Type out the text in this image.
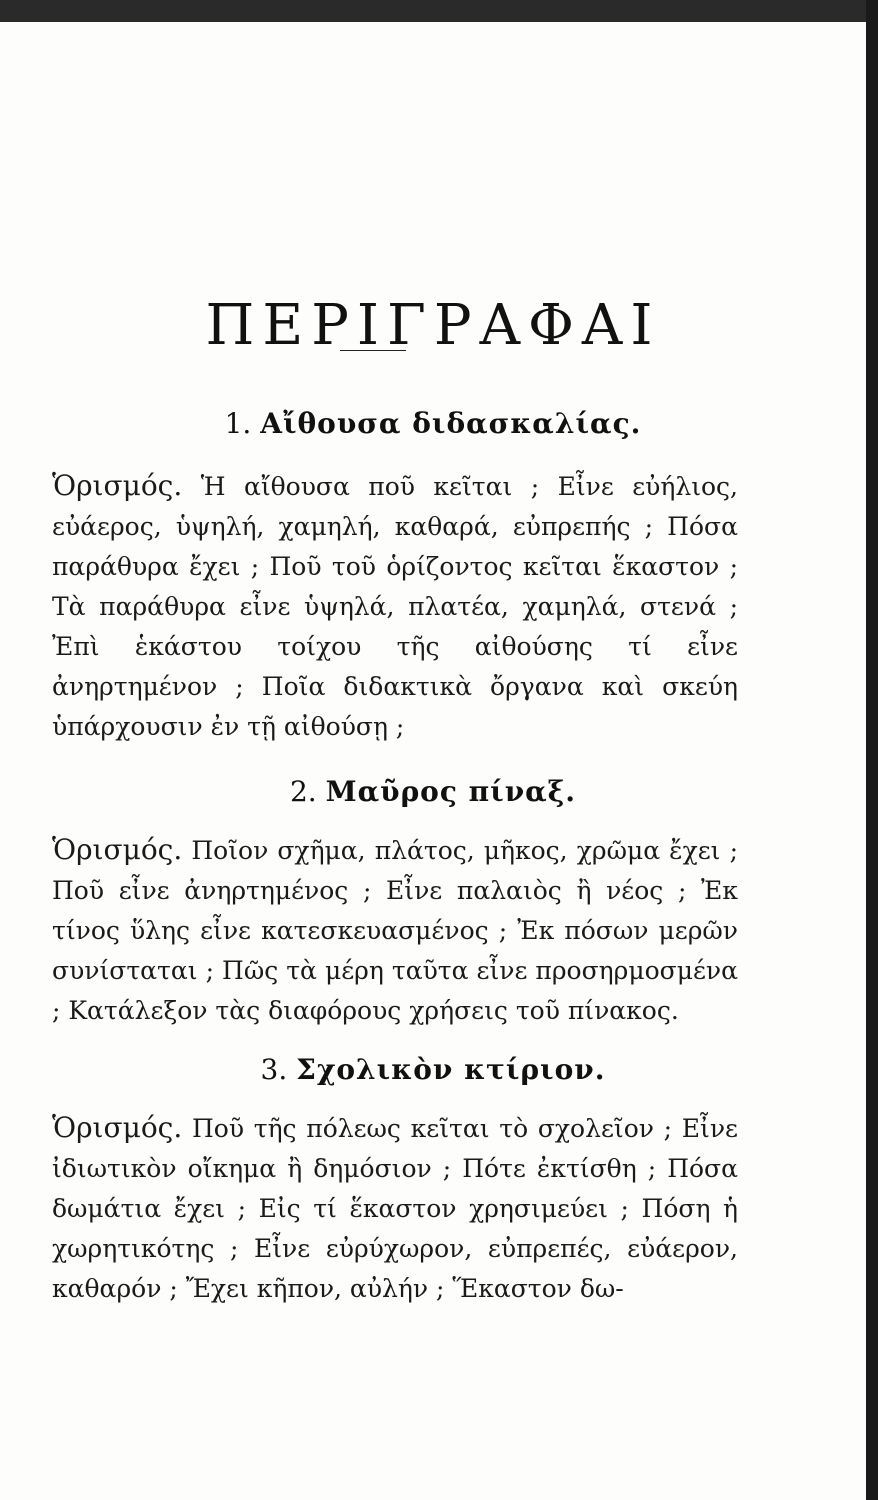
ΠΕΡΙΓΡΑΦΑΙ
1. Αἴθουσα διδασκαλίας.
Ὁρισμός. Ἡ αἴθουσα ποῦ κεῖται ; Εἶνε εὐήλιος, εὐάερος, ὑψηλή, χαμηλή, καθαρά, εὐπρεπής ; Πόσα παράθυρα ἔχει ; Ποῦ τοῦ ὁρίζοντος κεῖται ἕκαστον ; Τὰ παράθυρα εἶνε ὑψηλά, πλατέα, χαμηλά, στενά ; Ἐπὶ ἑκάστου τοίχου τῆς αἰθούσης τί εἶνε ἀνηρτημένον ; Ποῖα διδακτικὰ ὄργανα καὶ σκεύη ὑπάρχουσιν ἐν τῇ αἰθούσῃ ;
2. Μαῦρος πίναξ.
Ὁρισμός. Ποῖον σχῆμα, πλάτος, μῆκος, χρῶμα ἔχει ; Ποῦ εἶνε ἀνηρτημένος ; Εἶνε παλαιὸς ἢ νέος ; Ἐκ τίνος ὕλης εἶνε κατεσκευασμένος ; Ἐκ πόσων μερῶν συνίσταται ; Πῶς τὰ μέρη ταῦτα εἶνε προσηρμοσμένα ; Κατάλεξον τὰς διαφόρους χρήσεις τοῦ πίνακος.
3. Σχολικὸν κτίριον.
Ὁρισμός. Ποῦ τῆς πόλεως κεῖται τὸ σχολεῖον ; Εἶνε ἰδιωτικὸν οἴκημα ἢ δημόσιον ; Πότε ἐκτίσθη ; Πόσα δωμάτια ἔχει ; Εἰς τί ἕκαστον χρησιμεύει ; Πόση ἡ χωρητικότης ; Εἶνε εὐρύχωρον, εὐπρεπές, εὐάερον, καθαρόν ; Ἔχει κῆπον, αὐλήν ; Ἕκαστον δω-
